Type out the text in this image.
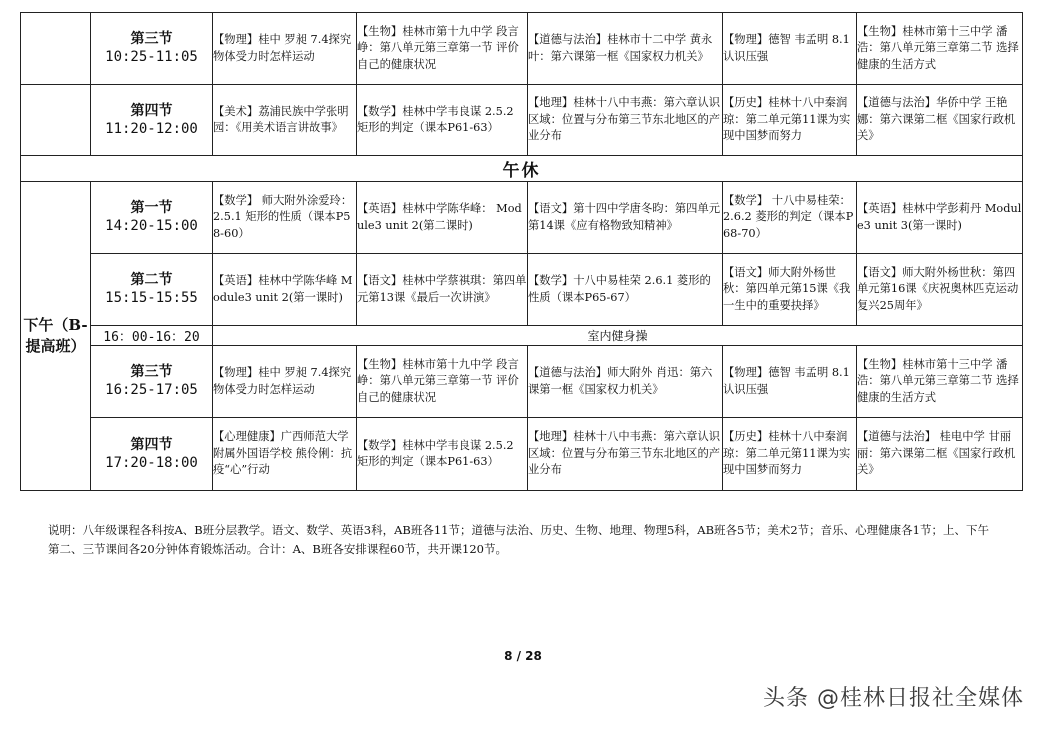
	第三节
10:25-11:05	【物理】桂中 罗昶 7.4探究物体受力时怎样运动	【生物】桂林市第十九中学 段言峥：第八单元第三章第一节 评价自己的健康状况	【道德与法治】桂林市十二中学 黄永叶：第六课第一框《国家权力机关》	【物理】德智 韦孟明 8.1认识压强	【生物】桂林市第十三中学 潘浩：第八单元第三章第二节 选择健康的生活方式

	第四节
11:20-12:00	【美术】荔浦民族中学张明园：《用美术语言讲故事》	【数学】桂林中学韦良谋 2.5.2 矩形的判定（课本P61-63）	【地理】桂林十八中韦燕：第六章认识区域：位置与分布第三节东北地区的产业分布	【历史】桂林十八中秦润琼：第二单元第11课为实现中国梦而努力	【道德与法治】华侨中学 王艳娜：第六课第二框《国家行政机关》
午休						
下午（B-提高班）	第一节
14:20-15:00	【数学】 师大附外涂爱玲：2.5.1 矩形的性质（课本P58-60）	【英语】桂林中学陈华峰： Module3 unit 2(第二课时)	【语文】第十四中学唐冬昀：第四单元第14课《应有格物致知精神》	【数学】 十八中易桂荣：2.6.2 菱形的判定（课本P68-70）	【英语】桂林中学彭莉丹 Module3 unit 3(第一课时)

	第二节
15:15-15:55	【英语】桂林中学陈华峰 Module3 unit 2(第一课时)	【语文】桂林中学蔡祺琪：第四单元第13课《最后一次讲演》	【数学】十八中易桂荣 2.6.1 菱形的性质（课本P65-67）	【语文】师大附外杨世秋：第四单元第15课《我一生中的重要抉择》	【语文】师大附外杨世秋：第四单元第16课《庆祝奥林匹克运动复兴25周年》
	16：00-16：20	室内健身操				

	第三节
16:25-17:05	【物理】桂中 罗昶 7.4探究物体受力时怎样运动	【生物】桂林市第十九中学 段言峥：第八单元第三章第一节 评价自己的健康状况	【道德与法治】师大附外 肖迅：第六课第一框《国家权力机关》	【物理】德智 韦孟明 8.1认识压强	【生物】桂林市第十三中学 潘浩：第八单元第三章第二节 选择健康的生活方式

	第四节
17:20-18:00	【心理健康】广西师范大学附属外国语学校 熊伶俐：抗疫“心”行动	【数学】桂林中学韦良谋 2.5.2 矩形的判定（课本P61-63）	【地理】桂林十八中韦燕：第六章认识区域：位置与分布第三节东北地区的产业分布	【历史】桂林十八中秦润琼：第二单元第11课为实现中国梦而努力	【道德与法治】 桂电中学 甘丽丽：第六课第二框《国家行政机关》
说明：八年级课程各科按A、B班分层教学。语文、数学、英语3科，AB班各11节；道德与法治、历史、生物、地理、物理5科，AB班各5节；美术2节；音乐、心理健康各1节；上、下午第二、三节课间各20分钟体育锻炼活动。合计：A、B班各安排课程60节，共开课120节。
8 / 28
头条 @桂林日报社全媒体
